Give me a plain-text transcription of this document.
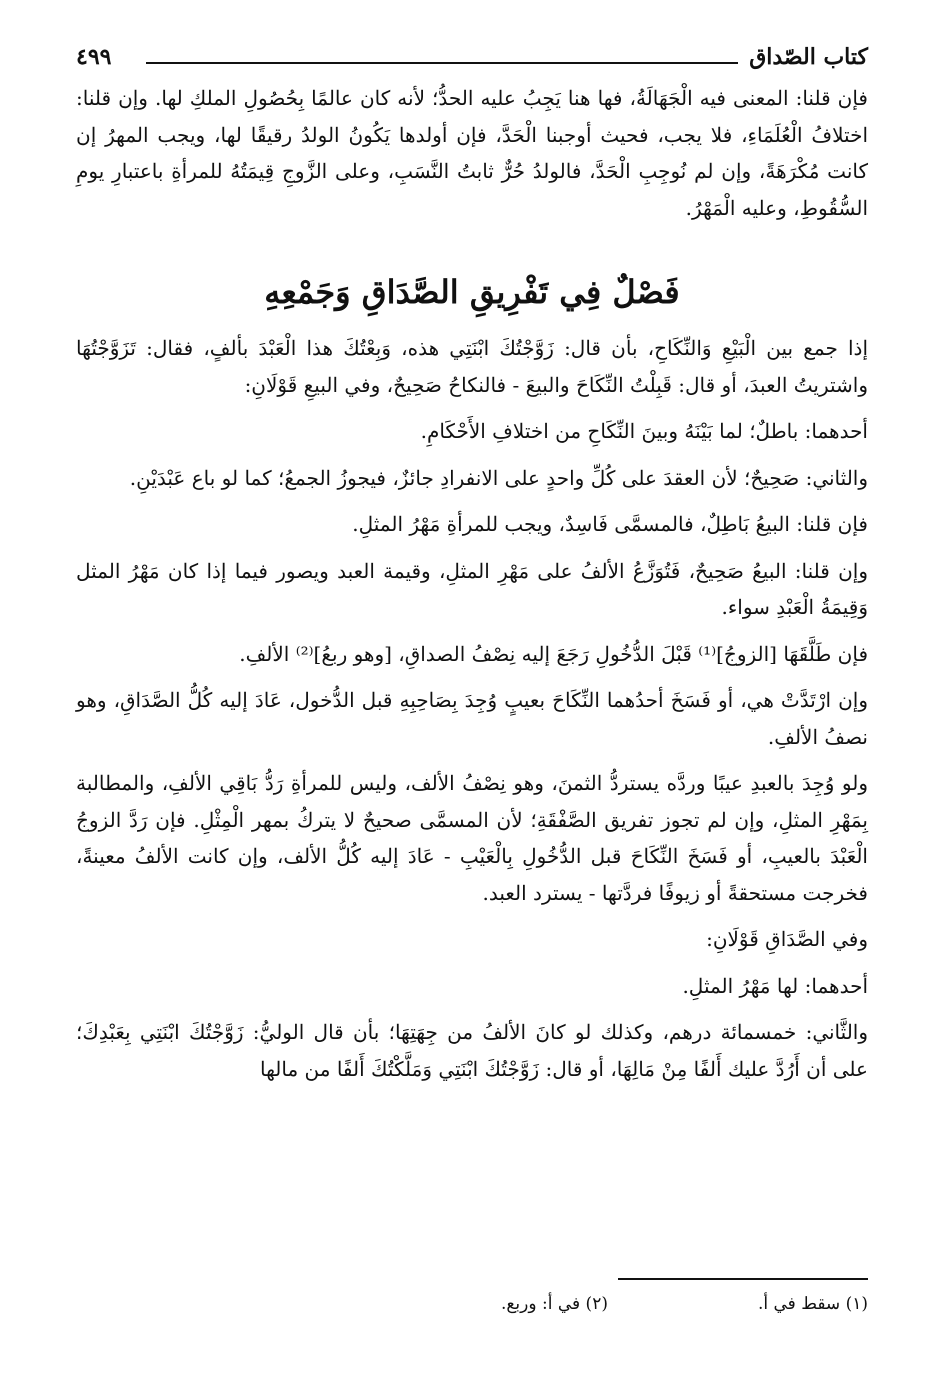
كتاب الصّداق
٤٩٩

فإن قلنا: المعنى فيه الْجَهَالَةُ، فها هنا يَجِبُ عليه الحدُّ؛ لأنه كان عالمًا بِحُصُولِ الملكِ لها. وإن قلنا: اختلافُ الْعُلَمَاءِ، فلا يجب، فحيث أوجبنا الْحَدَّ، فإن أولدها يَكُونُ الولدُ رقيقًا لها، ويجب المهرُ إن كانت مُكْرَهَةً، وإن لم نُوجِبِ الْحَدَّ، فالولدُ حُرٌّ ثابتُ النَّسَبِ، وعلى الزَّوجِ قِيمَتُهُ للمرأةِ باعتبارِ يومِ السُّقُوطِ، وعليه الْمَهْرُ.

فَصْلٌ فِي تَفْرِيقِ الصَّدَاقِ وَجَمْعِهِ

إذا جمع بين الْبَيْعِ وَالنِّكَاحِ، بأن قال: زَوَّجْتُكَ ابْنَتِي هذه، وَبِعْتُكَ هذا الْعَبْدَ بألفٍ، فقال: تَزَوَّجْتُهَا واشتريتُ العبدَ، أو قال: قَبِلْتُ النِّكَاحَ والبيعَ - فالنكاحُ صَحِيحٌ، وفي البيعِ قَوْلَانِ:

أحدهما: باطلٌ؛ لما بَيْنَهُ وبينَ النِّكَاحِ من اختلافِ الأَحْكَامِ.

والثاني: صَحِيحٌ؛ لأن العقدَ على كُلِّ واحدٍ على الانفرادِ جائزٌ، فيجوزُ الجمعُ؛ كما لو باع عَبْدَيْنِ.

فإن قلنا: البيعُ بَاطِلٌ، فالمسمَّى فَاسِدٌ، ويجب للمرأةِ مَهْرُ المثلِ.

وإن قلنا: البيعُ صَحِيحٌ، فَتُوَزَّعُ الألفُ على مَهْرِ المثلِ، وقيمة العبد ويصور فيما إذا كان مَهْرُ المثل وَقِيمَةُ الْعَبْدِ سواء.

فإن طَلَّقَهَا [الزوجُ]⁽¹⁾ قَبْلَ الدُّخُولِ رَجَعَ إليه نِصْفُ الصداقِ، [وهو ربعُ]⁽²⁾ الألفِ.

وإن ارْتَدَّتْ هي، أو فَسَخَ أحدُهما النِّكَاحَ بعيبٍ وُجِدَ بِصَاحِبِهِ قبل الدُّخول، عَادَ إليه كُلُّ الصَّدَاقِ، وهو نصفُ الألفِ.

ولو وُجِدَ بالعبدِ عيبًا وردَّه يستردُّ الثمنَ، وهو نِصْفُ الألف، وليس للمرأةِ رَدُّ بَاقِي الألفِ، والمطالبة بِمَهْرِ المثلِ، وإن لم تجوز تفريق الصَّفْقَةِ؛ لأن المسمَّى صحيحٌ لا يتركُ بمهر الْمِثْلِ. فإن رَدَّ الزوجُ الْعَبْدَ بالعيبِ، أو فَسَخَ النِّكَاحَ قبل الدُّخُولِ بِالْعَيْبِ - عَادَ إليه كُلُّ الألف، وإن كانت الألفُ معينةً، فخرجت مستحقةً أو زيوفًا فردَّتها - يسترد العبد.

وفي الصَّدَاقِ قَوْلَانِ:

أحدهما: لها مَهْرُ المثلِ.

والثَّاني: خمسمائة درهم، وكذلك لو كانَ الألفُ من جِهَتِهَا؛ بأن قال الوليُّ: زَوَّجْتُكَ ابْنَتِي بِعَبْدِكَ؛ على أن أَرُدَّ عليك أَلفًا مِنْ مَالِهَا، أو قال: زَوَّجْتُكَ ابْنَتِي وَمَلَّكْتُكَ أَلفًا من مالها

(١) سقط في أ.
(٢) في أ: وربع.
